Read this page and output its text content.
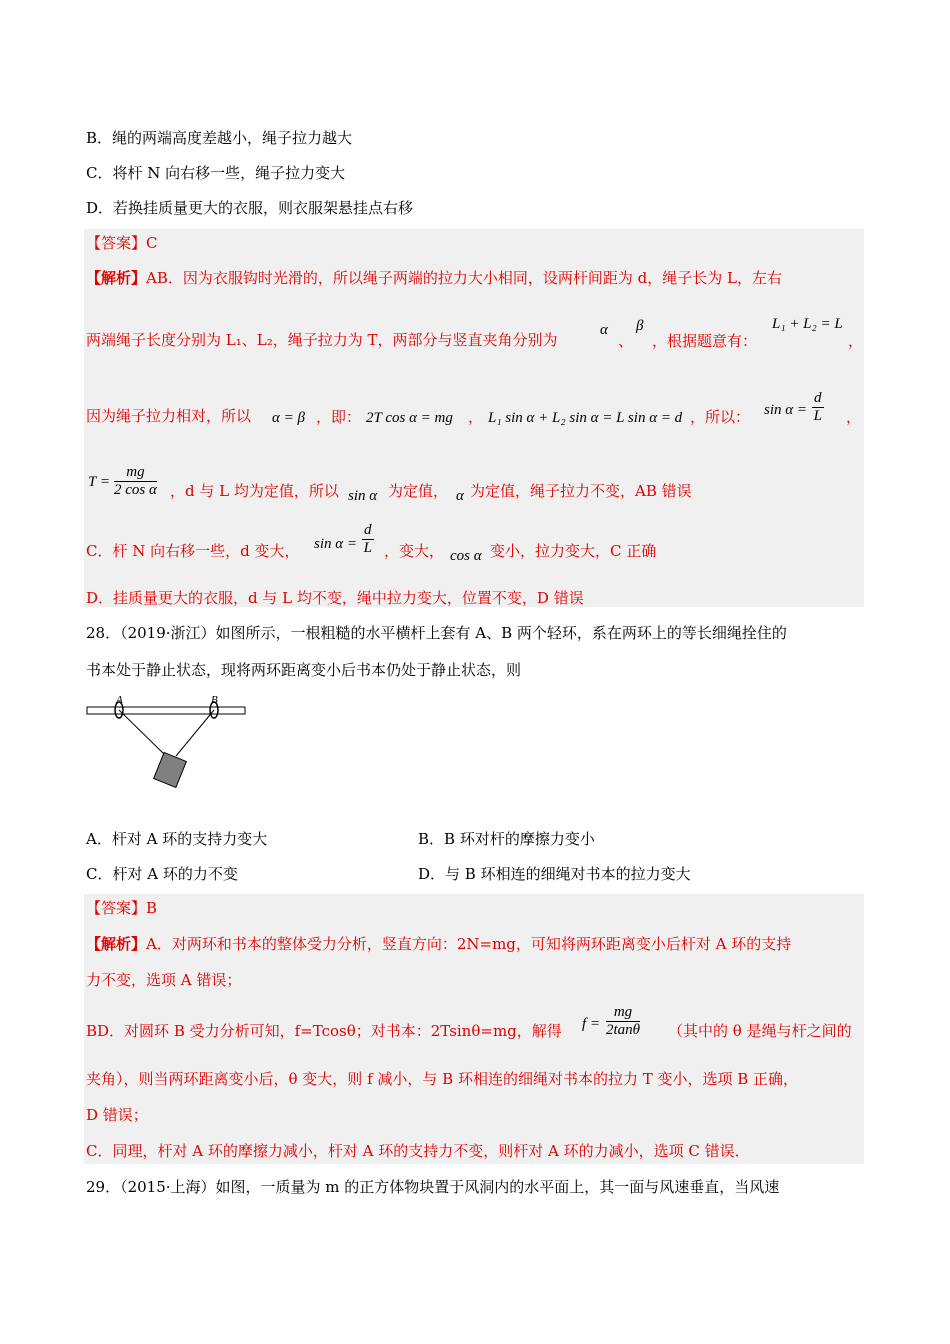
B．绳的两端高度差越小，绳子拉力越大
C．将杆 N 向右移一些，绳子拉力变大
D．若换挂质量更大的衣服，则衣服架悬挂点右移
【答案】C
【解析】AB．因为衣服钩时光滑的，所以绳子两端的拉力大小相同，设两杆间距为 d，绳子长为 L，左右
两端绳子长度分别为 L₁、L₂，绳子拉力为 T，两部分与竖直夹角分别为
α
、
β
，根据题意有：
L₁ + L₂ = L
，
因为绳子拉力相对，所以 α = β ，即： 2T cos α = mg ， L₁ sin α + L₂ sin α = L sin α = d ，所以： $\sin \alpha = \frac{d}{L}$ ，
$T = \frac{mg}{\text{2 cos α}}$ ，d 与 L 均为定值，所以 sin α 为定值， α 为定值，绳子拉力不变，AB 错误
C．杆 N 向右移一些，d 变大， $\sin \alpha = \frac{d}{L}$ ，变大， cos α 变小，拉力变大，C 正确
D．挂质量更大的衣服，d 与 L 均不变，绳中拉力变大，位置不变，D 错误
28．（2019·浙江）如图所示，一根粗糙的水平横杆上套有 A、B 两个轻环，系在两环上的等长细绳拴住的
书本处于静止状态，现将两环距离变小后书本仍处于静止状态，则
A	B
A．杆对 A 环的支持力变大	B．B 环对杆的摩擦力变小
C．杆对 A 环的力不变	D．与 B 环相连的细绳对书本的拉力变大
【答案】B
【解析】A．对两环和书本的整体受力分析，竖直方向：2N=mg，可知将两环距离变小后杆对 A 环的支持
力不变，选项 A 错误；
BD．对圆环 B 受力分析可知，f=Tcosθ；对书本：2Tsinθ=mg，解得 $f = \frac{mg}{2\tan\theta}$ （其中的 θ 是绳与杆之间的
夹角），则当两环距离变小后，θ 变大，则 f 减小，与 B 环相连的细绳对书本的拉力 T 变小，选项 B 正确，
D 错误；
C．同理，杆对 A 环的摩擦力减小，杆对 A 环的支持力不变，则杆对 A 环的力减小，选项 C 错误．
29．（2015·上海）如图，一质量为 m 的正方体物块置于风洞内的水平面上，其一面与风速垂直，当风速
